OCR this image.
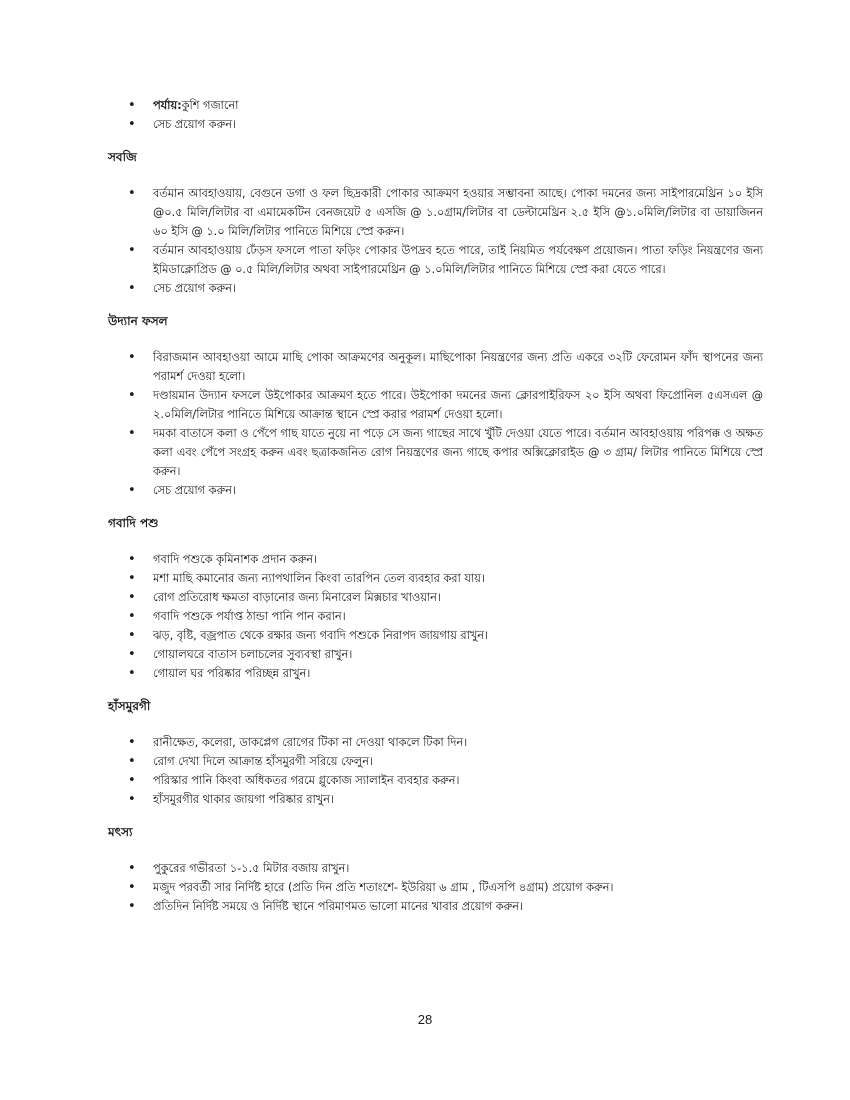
• পর্যায়:কুশি গজানো
• সেচ প্রয়োগ করুন।

সবজি

• বর্তমান আবহাওয়ায়, বেগুনে ডগা ও ফল ছিদ্রকারী পোকার আক্রমণ হওয়ার সম্ভাবনা আছে। পোকা দমনের জন্য সাইপারমেথ্রিন ১০ ইসি @০.৫ মিলি/লিটার বা এমামেকটিন বেনজয়েট ৫ এসজি @ ১.০গ্রাম/লিটার বা ডেল্টামেথ্রিন ২.৫ ইসি @১.০মিলি/লিটার বা ডায়াজিনন ৬০ ইসি @ ১.০ মিলি/লিটার পানিতে মিশিয়ে স্প্রে করুন।
• বর্তমান আবহাওয়ায় ঢেঁড়স ফসলে পাতা ফড়িং পোকার উপদ্রব হতে পারে, তাই নিয়মিত পর্যবেক্ষণ প্রয়োজন। পাতা ফড়িং নিয়ন্ত্রণের জন্য ইমিডাক্লোপ্রিড @ ০.৫ মিলি/লিটার অথবা সাইপারমেথ্রিন @ ১.০মিলি/লিটার পানিতে মিশিয়ে স্প্রে করা যেতে পারে।
• সেচ প্রয়োগ করুন।

উদ্যান ফসল

• বিরাজমান আবহাওয়া আমে মাছি পোকা আক্রমণের অনুকূল। মাছিপোকা নিয়ন্ত্রণের জন্য প্রতি একরে ৩২টি ফেরোমন ফাঁদ স্থাপনের জন্য পরামর্শ দেওয়া হলো।
• দণ্ডায়মান উদ্যান ফসলে উইপোকার আক্রমণ হতে পারে। উইপোকা দমনের জন্য ক্লোরপাইরিফস ২০ ইসি অথবা ফিপ্রোনিল ৫এসএল @ ২.০মিলি/লিটার পানিতে মিশিয়ে আক্রান্ত স্থানে স্প্রে করার পরামর্শ দেওয়া হলো।
• দমকা বাতাসে কলা ও পেঁপে গাছ যাতে নুয়ে না পড়ে সে জন্য গাছের সাথে খুঁটি দেওয়া যেতে পারে। বর্তমান আবহাওয়ায় পরিপক্ক ও অক্ষত কলা এবং পেঁপে সংগ্রহ করুন এবং ছত্রাকজনিত রোগ নিয়ন্ত্রণের জন্য গাছে কপার অক্সিক্লোরাইড @ ৩ গ্রাম/ লিটার পানিতে মিশিয়ে স্প্রে করুন।
• সেচ প্রয়োগ করুন।

গবাদি পশু

• গবাদি পশুকে কৃমিনাশক প্রদান করুন।
• মশা মাছি কমানোর জন্য ন্যাপথালিন কিংবা তারপিন তেল ব্যবহার করা যায়।
• রোগ প্রতিরোধ ক্ষমতা বাড়ানোর জন্য মিনারেল মিক্সচার খাওয়ান।
• গবাদি পশুকে পর্যাপ্ত ঠান্ডা পানি পান করান।
• ঝড়, বৃষ্টি, বজ্রপাত থেকে রক্ষার জন্য গবাদি পশুকে নিরাপদ জায়গায় রাখুন।
• গোয়ালঘরে বাতাস চলাচলের সুব্যবস্থা রাখুন।
• গোয়াল ঘর পরিষ্কার পরিচ্ছন্ন রাখুন।

হাঁসমুরগী

• রানীক্ষেত, কলেরা, ডাকপ্লেগ রোগের টিকা না দেওয়া থাকলে টিকা দিন।
• রোগ দেখা দিলে আক্রান্ত হাঁসমুরগী সরিয়ে ফেলুন।
• পরিস্কার পানি কিংবা অধিকতর গরমে গ্লুকোজ স্যালাইন ব্যবহার করুন।
• হাঁসমুরগীর থাকার জায়গা পরিষ্কার রাখুন।

মৎস্য

• পুকুরের গভীরতা ১-১.৫ মিটার বজায় রাখুন।
• মজুদ পরবর্তী সার নির্দিষ্ট হারে (প্রতি দিন প্রতি শতাংশে- ইউরিয়া ৬ গ্রাম , টিএসপি ৪গ্রাম) প্রয়োগ করুন।
• প্রতিদিন নির্দিষ্ট সময়ে ও নির্দিষ্ট স্থানে পরিমাণমত ভালো মানের খাবার প্রয়োগ করুন।
28
